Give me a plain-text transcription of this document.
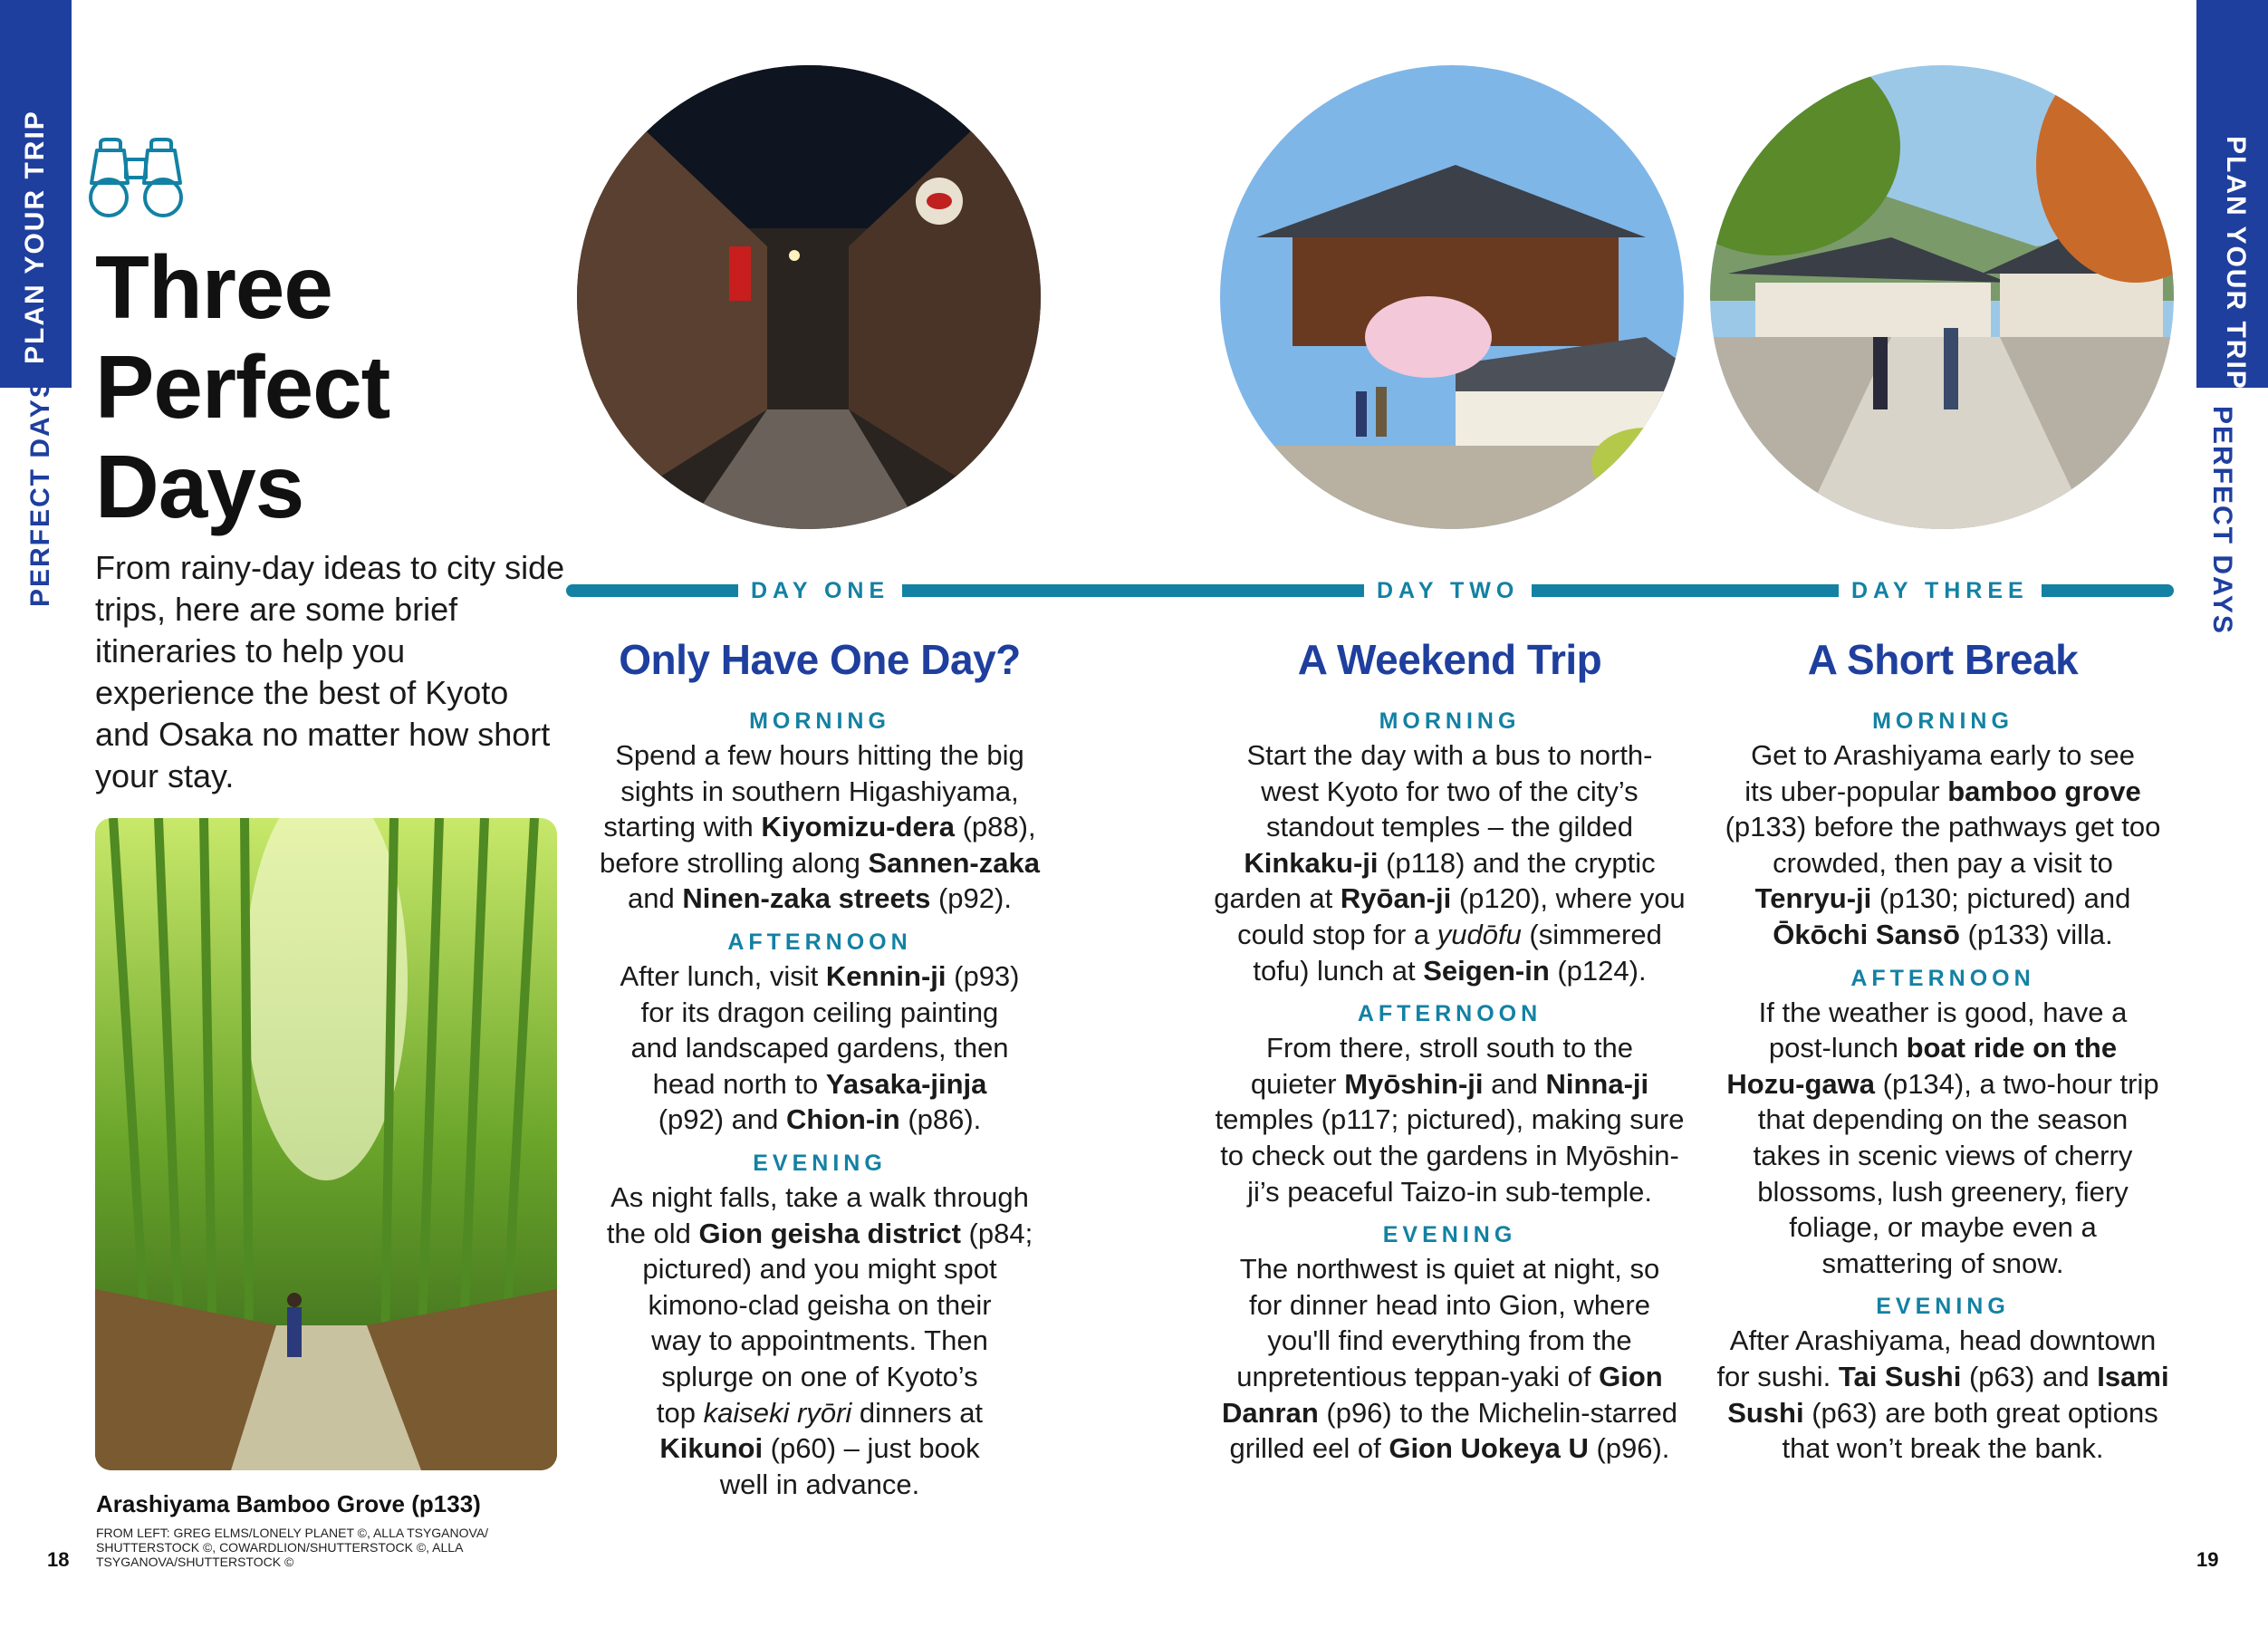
PLAN YOUR TRIP
PERFECT DAYS
PLAN YOUR TRIP
PERFECT DAYS
Three
Perfect
Days
From rainy-day ideas to city side trips, here are some brief itineraries to help you experience the best of Kyoto and Osaka no matter how short your stay.
Arashiyama Bamboo Grove (p133)
FROM LEFT: GREG ELMS/LONELY PLANET ©, ALLA TSYGANOVA/ SHUTTERSTOCK ©, COWARDLION/SHUTTERSTOCK ©, ALLA TSYGANOVA/SHUTTERSTOCK ©
18	19
DAY ONE	DAY TWO	DAY THREE
Only Have One Day?
MORNING
Spend a few hours hitting the big
sights in southern Higashiyama,
starting with Kiyomizu-dera (p88),
before strolling along Sannen-zaka
and Ninen-zaka streets (p92).
AFTERNOON
After lunch, visit Kennin-ji (p93)
for its dragon ceiling painting
and landscaped gardens, then
head north to Yasaka-jinja
(p92) and Chion-in (p86).
EVENING
As night falls, take a walk through
the old Gion geisha district (p84;
pictured) and you might spot
kimono-clad geisha on their
way to appointments. Then
splurge on one of Kyoto’s
top kaiseki ryōri dinners at
Kikunoi (p60) – just book
well in advance.
A Weekend Trip
MORNING
Start the day with a bus to north-
west Kyoto for two of the city’s
standout temples – the gilded
Kinkaku-ji (p118) and the cryptic
garden at Ryōan-ji (p120), where you
could stop for a yudōfu (simmered
tofu) lunch at Seigen-in (p124).
AFTERNOON
From there, stroll south to the
quieter Myōshin-ji and Ninna-ji
temples (p117; pictured), making sure
to check out the gardens in Myōshin-
ji’s peaceful Taizo-in sub-temple.
EVENING
The northwest is quiet at night, so
for dinner head into Gion, where
you'll find everything from the
unpretentious teppan-yaki of Gion
Danran (p96) to the Michelin-starred
grilled eel of Gion Uokeya U (p96).
A Short Break
MORNING
Get to Arashiyama early to see
its uber-popular bamboo grove
(p133) before the pathways get too
crowded, then pay a visit to
Tenryu-ji (p130; pictured) and
Ōkōchi Sansō (p133) villa.
AFTERNOON
If the weather is good, have a
post-lunch boat ride on the
Hozu-gawa (p134), a two-hour trip
that depending on the season
takes in scenic views of cherry
blossoms, lush greenery, fiery
foliage, or maybe even a
smattering of snow.
EVENING
After Arashiyama, head downtown
for sushi. Tai Sushi (p63) and Isami
Sushi (p63) are both great options
that won’t break the bank.
